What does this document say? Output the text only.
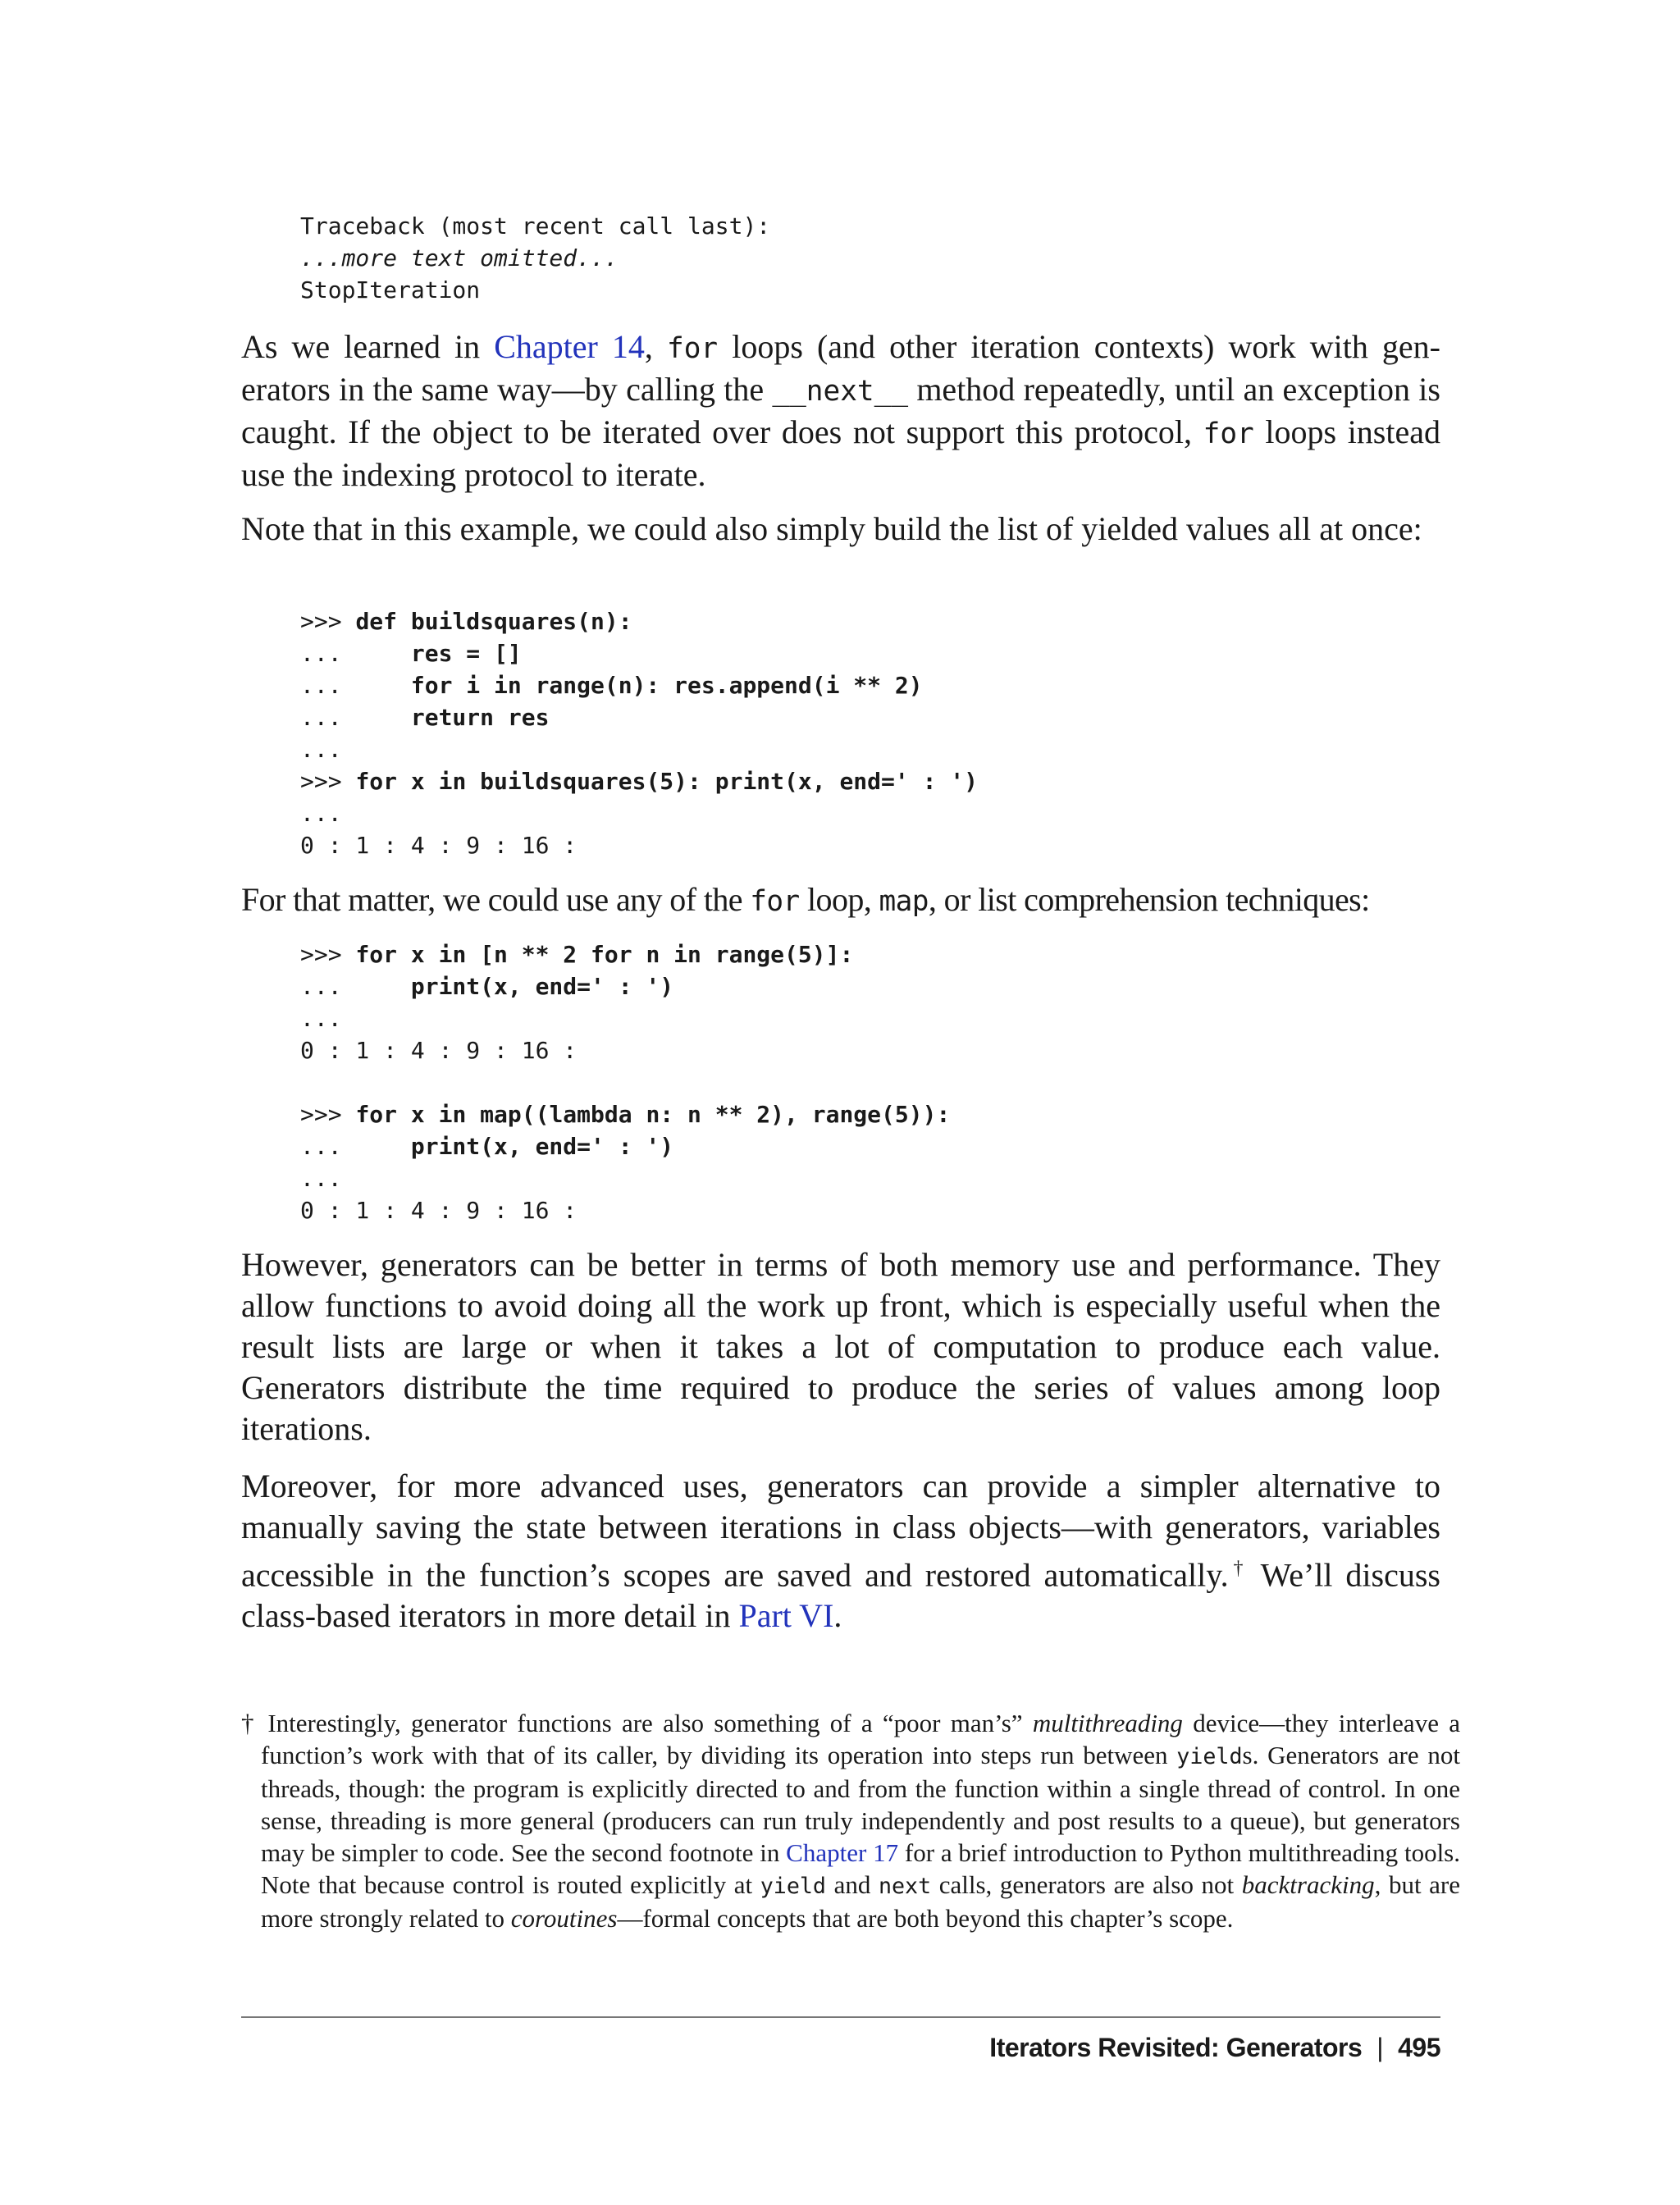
Traceback (most recent call last):
...more text omitted...
StopIteration

As we learned in Chapter 14, for loops (and other iteration contexts) work with gen-erators in the same way—by calling the __next__ method repeatedly, until an exception is caught. If the object to be iterated over does not support this protocol, for loops instead use the indexing protocol to iterate.

Note that in this example, we could also simply build the list of yielded values all at once:

>>> def buildsquares(n):
...     res = []
...     for i in range(n): res.append(i ** 2)
...     return res
...
>>> for x in buildsquares(5): print(x, end=' : ')
...
0 : 1 : 4 : 9 : 16 :

For that matter, we could use any of the for loop, map, or list comprehension techniques:

>>> for x in [n ** 2 for n in range(5)]:
...     print(x, end=' : ')
...
0 : 1 : 4 : 9 : 16 :
>>> for x in map((lambda n: n ** 2), range(5)):
...     print(x, end=' : ')
...
0 : 1 : 4 : 9 : 16 :

However, generators can be better in terms of both memory use and performance. They allow functions to avoid doing all the work up front, which is especially useful when the result lists are large or when it takes a lot of computation to produce each value. Generators distribute the time required to produce the series of values among loop iterations.

Moreover, for more advanced uses, generators can provide a simpler alternative to manually saving the state between iterations in class objects—with generators, variables accessible in the function’s scopes are saved and restored automatically.† We’ll discuss class-based iterators in more detail in Part VI.

† Interestingly, generator functions are also something of a “poor man’s” multithreading device—they interleave a function’s work with that of its caller, by dividing its operation into steps run between yields. Generators are not threads, though: the program is explicitly directed to and from the function within a single thread of control. In one sense, threading is more general (producers can run truly independently and post results to a queue), but generators may be simpler to code. See the second footnote in Chapter 17 for a brief introduction to Python multithreading tools. Note that because control is routed explicitly at yield and next calls, generators are also not backtracking, but are more strongly related to coroutines—formal concepts that are both beyond this chapter’s scope.

Iterators Revisited: Generators | 495
